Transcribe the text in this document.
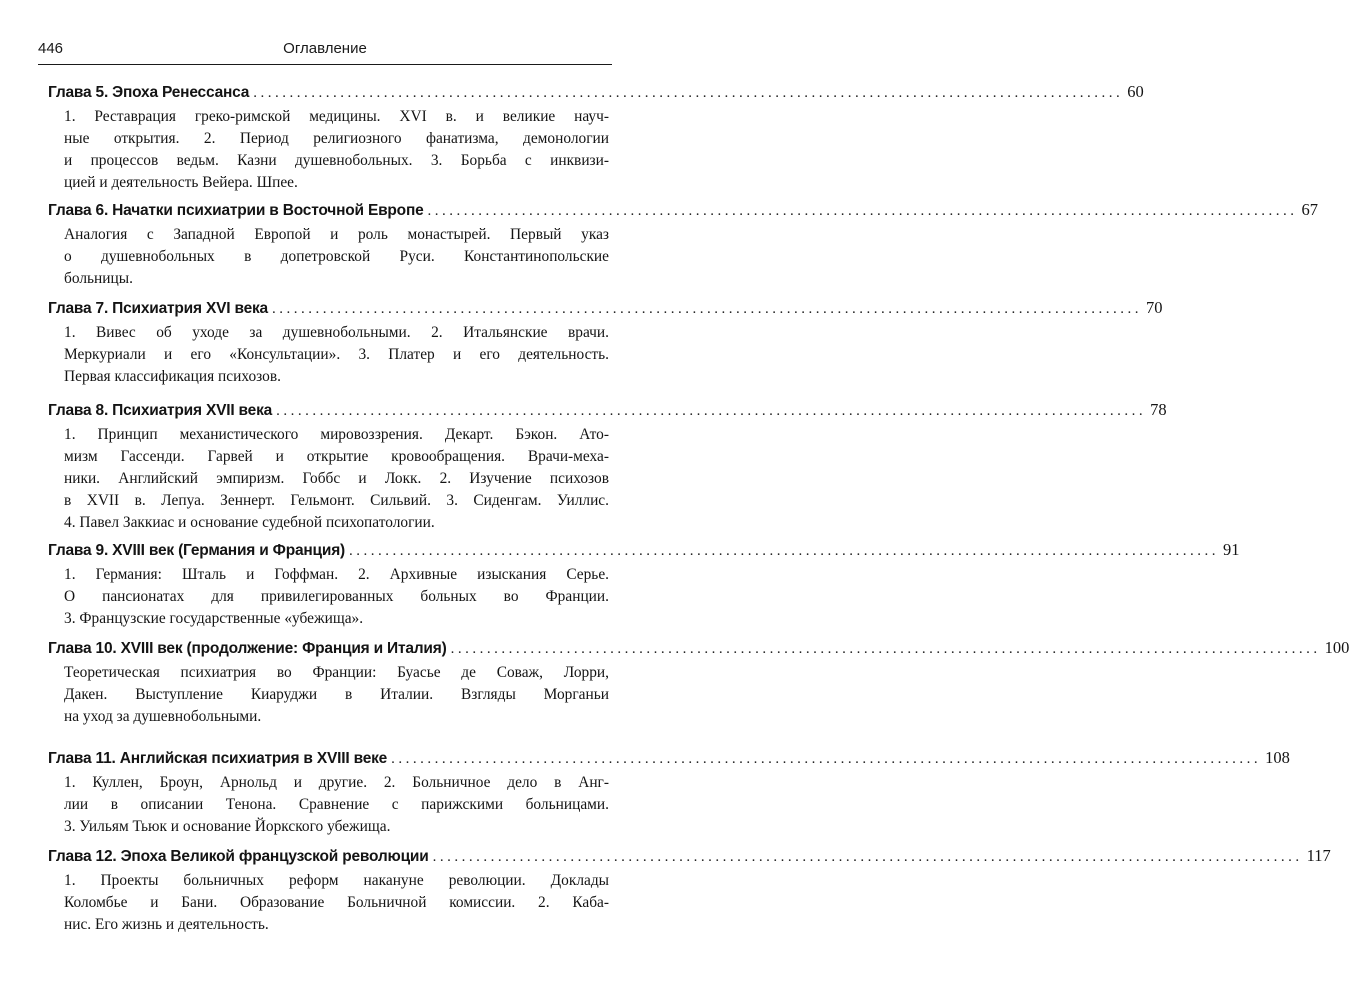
446	Оглавление
Глава 5. Эпоха Ренессанса ........................................................................................................................ 60
1. Реставрация греко-римской медицины. XVI в. и великие науч-
ные открытия. 2. Период религиозного фанатизма, демонологии
и процессов ведьм. Казни душевнобольных. 3. Борьба с инквизи-
цией и деятельность Вейера. Шпее.
Глава 6. Начатки психиатрии в Восточной Европе ........................................................................................................................ 67
Аналогия с Западной Европой и роль монастырей. Первый указ
о душевнобольных в допетровской Руси. Константинопольские
больницы.
Глава 7. Психиатрия XVI века ........................................................................................................................ 70
1. Вивес об уходе за душевнобольными. 2. Итальянские врачи.
Меркуриали и его «Консультации». 3. Платер и его деятельность.
Первая классификация психозов.
Глава 8. Психиатрия XVII века ........................................................................................................................ 78
1. Принцип механистического мировоззрения. Декарт. Бэкон. Ато-
мизм Гассенди. Гарвей и открытие кровообращения. Врачи-меха-
ники. Английский эмпиризм. Гоббс и Локк. 2. Изучение психозов
в XVII в. Лепуа. Зеннерт. Гельмонт. Сильвий. 3. Сиденгам. Уиллис.
4. Павел Заккиас и основание судебной психопатологии.
Глава 9. XVIII век (Германия и Франция) ........................................................................................................................ 91
1. Германия: Шталь и Гоффман. 2. Архивные изыскания Серье.
О пансионатах для привилегированных больных во Франции.
3. Французские государственные «убежища».
Глава 10. XVIII век (продолжение: Франция и Италия) ........................................................................................................................ 100
Теоретическая психиатрия во Франции: Буасье де Соваж, Лорри,
Дакен. Выступление Киаруджи в Италии. Взгляды Морганьи
на уход за душевнобольными.
Глава 11. Английская психиатрия в XVIII веке ........................................................................................................................ 108
1. Куллен, Броун, Арнольд и другие. 2. Больничное дело в Анг-
лии в описании Тенона. Сравнение с парижскими больницами.
3. Уильям Тьюк и основание Йоркского убежища.
Глава 12. Эпоха Великой французской революции ........................................................................................................................ 117
1. Проекты больничных реформ накануне революции. Доклады
Коломбье и Бани. Образование Больничной комиссии. 2. Каба-
нис. Его жизнь и деятельность.
